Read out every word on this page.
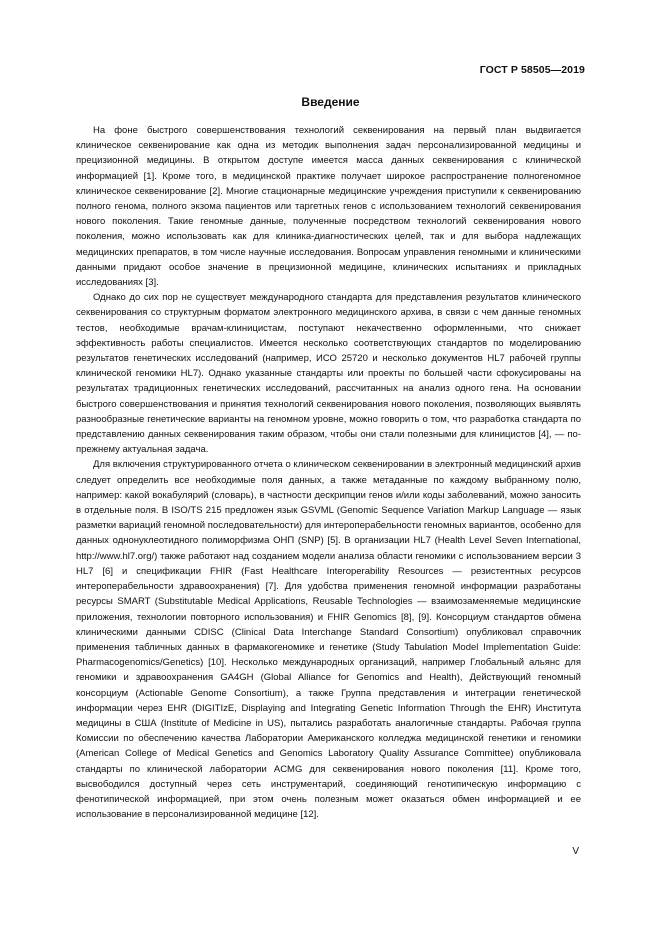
ГОСТ Р 58505—2019
Введение

На фоне быстрого совершенствования технологий секвенирования на первый план выдвигается клиническое секвенирование как одна из методик выполнения задач персонализированной медицины и прецизионной медицины. В открытом доступе имеется масса данных секвенирования с клинической информацией [1]. Кроме того, в медицинской практике получает широкое распространение полногеномное клиническое секвенирование [2]. Многие стационарные медицинские учреждения приступили к секвенированию полного генома, полного экзома пациентов или таргетных генов с использованием технологий секвенирования нового поколения. Такие геномные данные, полученные посредством технологий секвенирования нового поколения, можно использовать как для клиника-диагностических целей, так и для выбора надлежащих медицинских препаратов, в том числе научные исследования. Вопросам управления геномными и клиническими данными придают особое значение в прецизионной медицине, клинических испытаниях и прикладных исследованиях [3].

Однако до сих пор не существует международного стандарта для представления результатов клинического секвенирования со структурным форматом электронного медицинского архива, в связи с чем данные геномных тестов, необходимые врачам-клиницистам, поступают некачественно оформленными, что снижает эффективность работы специалистов. Имеется несколько соответствующих стандартов по моделированию результатов генетических исследований (например, ИСО 25720 и несколько документов HL7 рабочей группы клинической геномики HL7). Однако указанные стандарты или проекты по большей части сфокусированы на результатах традиционных генетических исследований, рассчитанных на анализ одного гена. На основании быстрого совершенствования и принятия технологий секвенирования нового поколения, позволяющих выявлять разнообразные генетические варианты на геномном уровне, можно говорить о том, что разработка стандарта по представлению данных секвенирования таким образом, чтобы они стали полезными для клиницистов [4], — по-прежнему актуальная задача.

Для включения структурированного отчета о клиническом секвенировании в электронный медицинский архив следует определить все необходимые поля данных, а также метаданные по каждому выбранному полю, например: какой вокабулярий (словарь), в частности дескрипции генов и/или коды заболеваний, можно заносить в отдельные поля. В ISO/TS 215 предложен язык GSVML (Genomic Sequence Variation Markup Language — язык разметки вариаций геномной последовательности) для интероперабельности геномных вариантов, особенно для данных однонуклеотидного полиморфизма ОНП (SNP) [5]. В организации HL7 (Health Level Seven International, http://www.hl7.org/) также работают над созданием модели анализа области геномики с использованием версии 3 HL7 [6] и спецификации FHIR (Fast Healthcare Interoperability Resources — резистентных ресурсов интероперабельности здравоохранения) [7]. Для удобства применения геномной информации разработаны ресурсы SMART (Substitutable Medical Applications, Reusable Technologies — взаимозаменяемые медицинские приложения, технологии повторного использования) и FHIR Genomics [8], [9]. Консорциум стандартов обмена клиническими данными CDISC (Clinical Data Interchange Standard Consortium) опубликовал справочник применения табличных данных в фармакогеномике и генетике (Study Tabulation Model Implementation Guide: Pharmacogenomics/Genetics) [10]. Несколько международных организаций, например Глобальный альянс для геномики и здравоохранения GA4GH (Global Alliance for Genomics and Health), Действующий геномный консорциум (Actionable Genome Consortium), а также Группа представления и интеграции генетической информации через EHR (DIGITIzE, Displaying and Integrating Genetic Information Through the EHR) Института медицины в США (Institute of Medicine in US), пытались разработать аналогичные стандарты. Рабочая группа Комиссии по обеспечению качества Лаборатории Американского колледжа медицинской генетики и геномики (American College of Medical Genetics and Genomics Laboratory Quality Assurance Committee) опубликовала стандарты по клинической лаборатории ACMG для секвенирования нового поколения [11]. Кроме того, высвободился доступный через сеть инструментарий, соединяющий генотипическую информацию с фенотипической информацией, при этом очень полезным может оказаться обмен информацией и ее использование в персонализированной медицине [12].

V
